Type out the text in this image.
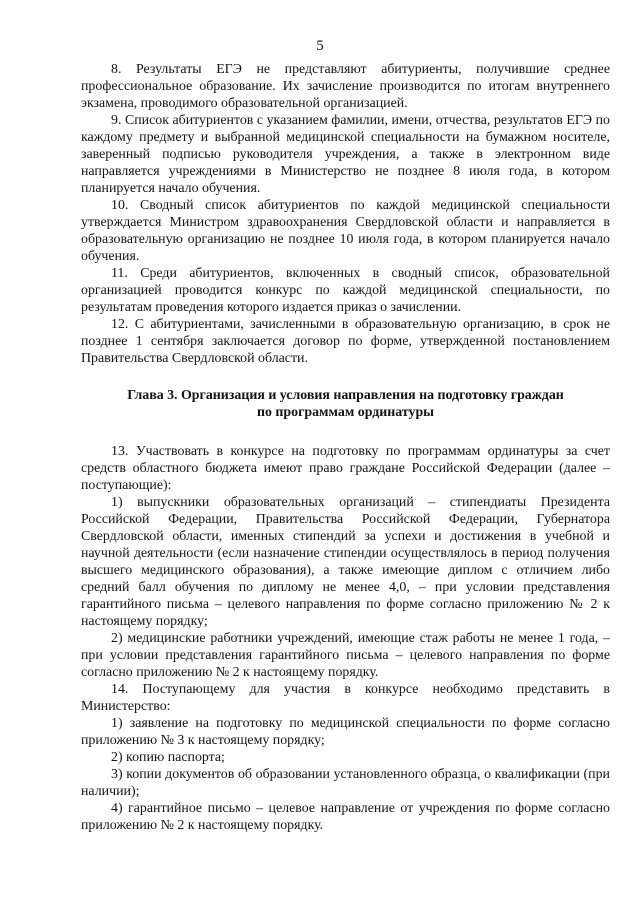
5

8. Результаты ЕГЭ не представляют абитуриенты, получившие среднее профессиональное образование. Их зачисление производится по итогам внутреннего экзамена, проводимого образовательной организацией.

9. Список абитуриентов с указанием фамилии, имени, отчества, результатов ЕГЭ по каждому предмету и выбранной медицинской специальности на бумажном носителе, заверенный подписью руководителя учреждения, а также в электронном виде направляется учреждениями в Министерство не позднее 8 июля года, в котором планируется начало обучения.

10. Сводный список абитуриентов по каждой медицинской специальности утверждается Министром здравоохранения Свердловской области и направляется в образовательную организацию не позднее 10 июля года, в котором планируется начало обучения.

11. Среди абитуриентов, включенных в сводный список, образовательной организацией проводится конкурс по каждой медицинской специальности, по результатам проведения которого издается приказ о зачислении.

12. С абитуриентами, зачисленными в образовательную организацию, в срок не позднее 1 сентября заключается договор по форме, утвержденной постановлением Правительства Свердловской области.

Глава 3. Организация и условия направления на подготовку граждан
по программам ординатуры

13. Участвовать в конкурсе на подготовку по программам ординатуры за счет средств областного бюджета имеют право граждане Российской Федерации (далее – поступающие):

1) выпускники образовательных организаций – стипендиаты Президента Российской Федерации, Правительства Российской Федерации, Губернатора Свердловской области, именных стипендий за успехи и достижения в учебной и научной деятельности (если назначение стипендии осуществлялось в период получения высшего медицинского образования), а также имеющие диплом с отличием либо средний балл обучения по диплому не менее 4,0, – при условии представления гарантийного письма – целевого направления по форме согласно приложению № 2 к настоящему порядку;

2) медицинские работники учреждений, имеющие стаж работы не менее 1 года, – при условии представления гарантийного письма – целевого направления по форме согласно приложению № 2 к настоящему порядку.

14. Поступающему для участия в конкурсе необходимо представить в Министерство:

1) заявление на подготовку по медицинской специальности по форме согласно приложению № 3 к настоящему порядку;

2) копию паспорта;

3) копии документов об образовании установленного образца, о квалификации (при наличии);

4) гарантийное письмо – целевое направление от учреждения по форме согласно приложению № 2 к настоящему порядку.
